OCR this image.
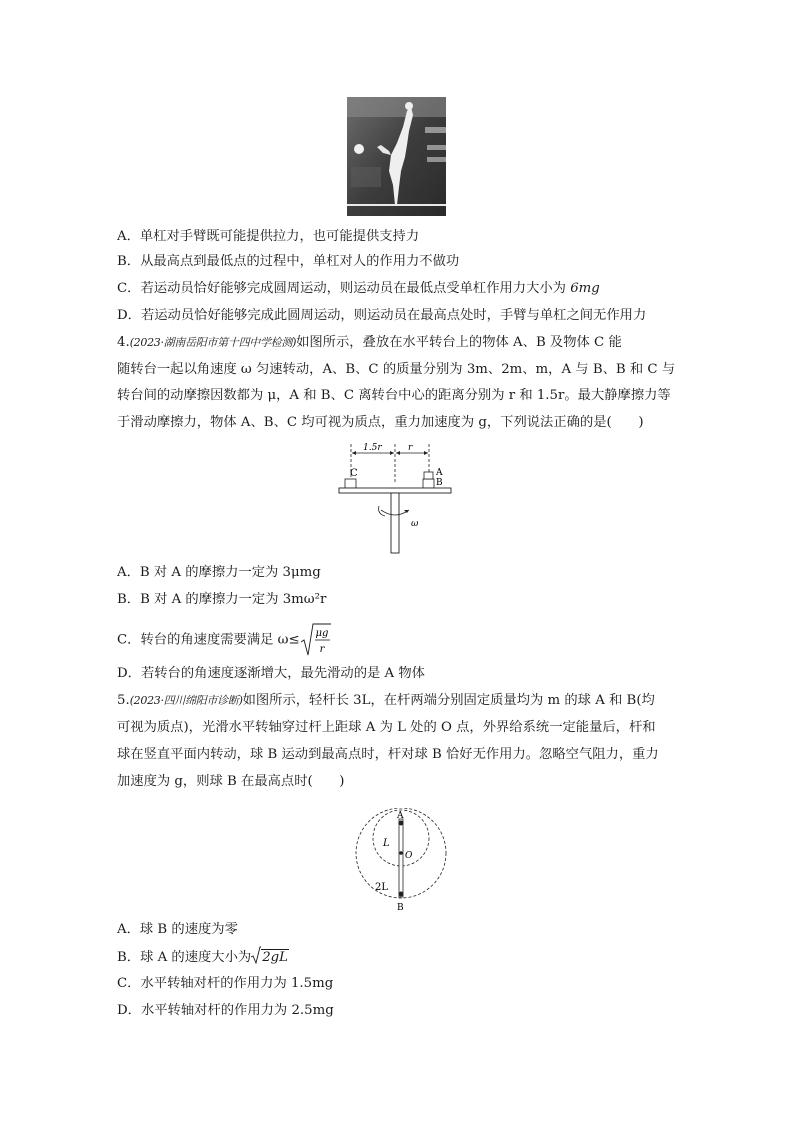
A．单杠对手臂既可能提供拉力，也可能提供支持力
B．从最高点到最低点的过程中，单杠对人的作用力不做功
C．若运动员恰好能够完成圆周运动，则运动员在最低点受单杠作用力大小为 6mg
D．若运动员恰好能够完成此圆周运动，则运动员在最高点处时，手臂与单杠之间无作用力
4.(2023·湖南岳阳市第十四中学检测)如图所示，叠放在水平转台上的物体 A、B 及物体 C 能
随转台一起以角速度 ω 匀速转动，A、B、C 的质量分别为 3m、2m、m，A 与 B、B 和 C 与
转台间的动摩擦因数都为 μ，A 和 B、C 离转台中心的距离分别为 r 和 1.5r。最大静摩擦力等
于滑动摩擦力，物体 A、B、C 均可视为质点，重力加速度为 g，下列说法正确的是(　　)
1.5r	r
C	A
B
ω
A．B 对 A 的摩擦力一定为 3μmg
B．B 对 A 的摩擦力一定为 3mω²r
C．转台的角速度需要满足 ω≤ μg
r
D．若转台的角速度逐渐增大，最先滑动的是 A 物体
5.(2023·四川绵阳市诊断)如图所示，轻杆长 3L，在杆两端分别固定质量均为 m 的球 A 和 B(均
可视为质点)，光滑水平转轴穿过杆上距球 A 为 L 处的 O 点，外界给系统一定能量后，杆和
球在竖直平面内转动，球 B 运动到最高点时，杆对球 B 恰好无作用力。忽略空气阻力，重力
加速度为 g，则球 B 在最高点时(　　)
A
B
L
O
2L
A．球 B 的速度为零
B．球 A 的速度大小为 2gL
C．水平转轴对杆的作用力为 1.5mg
D．水平转轴对杆的作用力为 2.5mg
